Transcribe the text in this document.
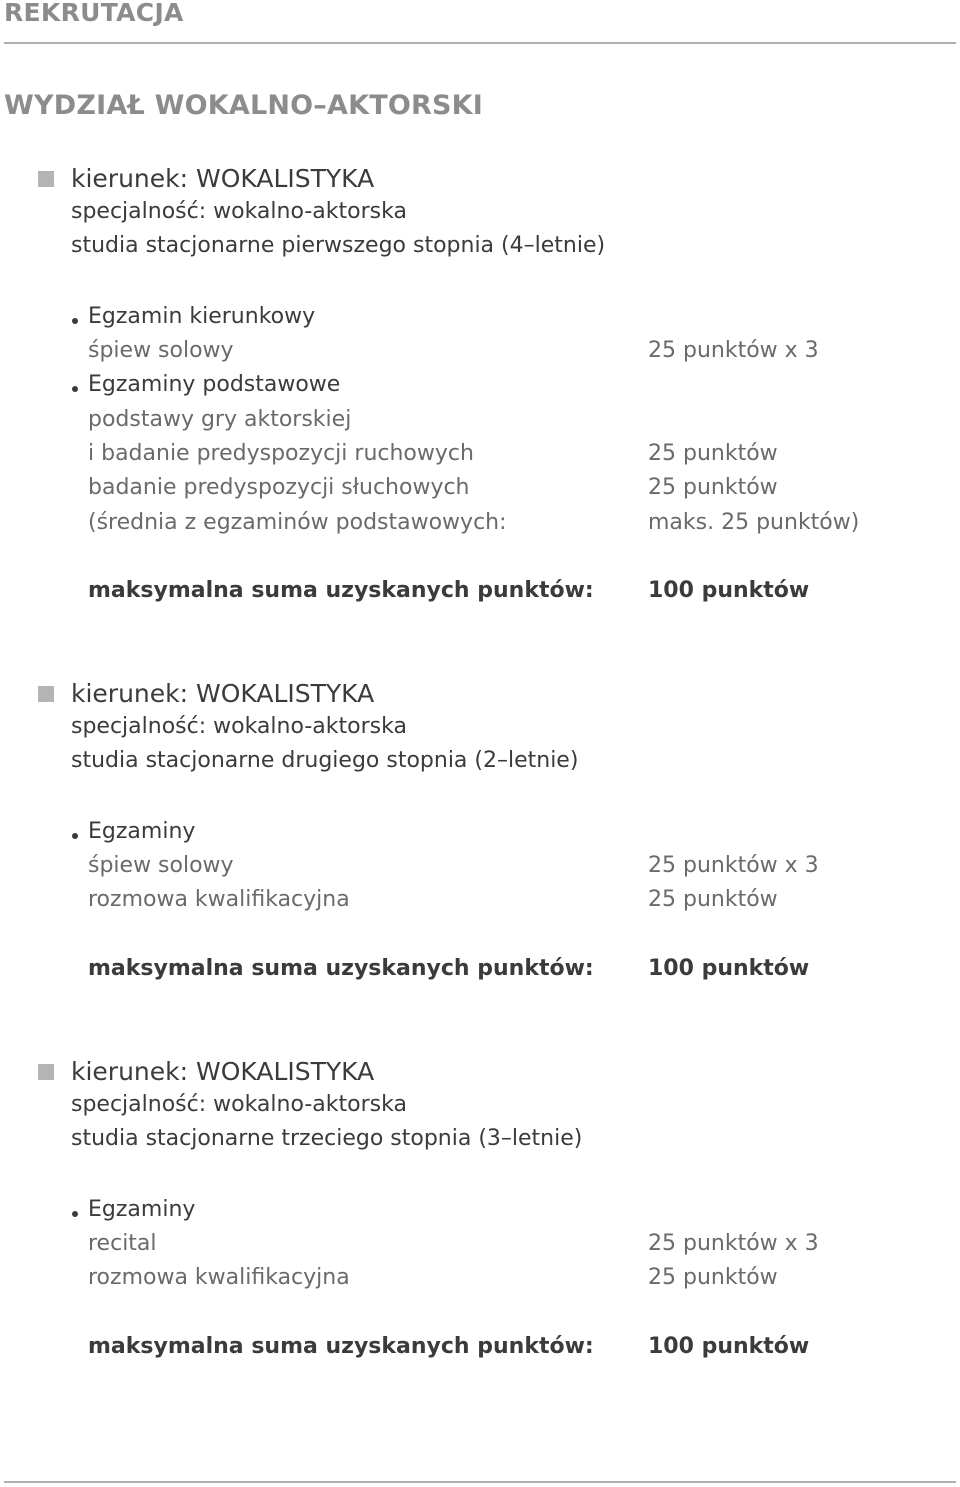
REKRUTACJA
WYDZIAŁ WOKALNO–AKTORSKI
kierunek: WOKALISTYKA
specjalność: wokalno-aktorska
studia stacjonarne pierwszego stopnia (4–letnie)
Egzamin kierunkowy
śpiew solowy	25 punktów x 3
Egzaminy podstawowe
podstawy gry aktorskiej
i badanie predyspozycji ruchowych	25 punktów
badanie predyspozycji słuchowych	25 punktów
(średnia z egzaminów podstawowych:	maks. 25 punktów)
maksymalna suma uzyskanych punktów: 100 punktów
kierunek: WOKALISTYKA
specjalność: wokalno-aktorska
studia stacjonarne drugiego stopnia (2–letnie)
Egzaminy
śpiew solowy	25 punktów x 3
rozmowa kwalifikacyjna	25 punktów
maksymalna suma uzyskanych punktów: 100 punktów
kierunek: WOKALISTYKA
specjalność: wokalno-aktorska
studia stacjonarne trzeciego stopnia (3–letnie)
Egzaminy
recital	25 punktów x 3
rozmowa kwalifikacyjna	25 punktów
maksymalna suma uzyskanych punktów: 100 punktów
